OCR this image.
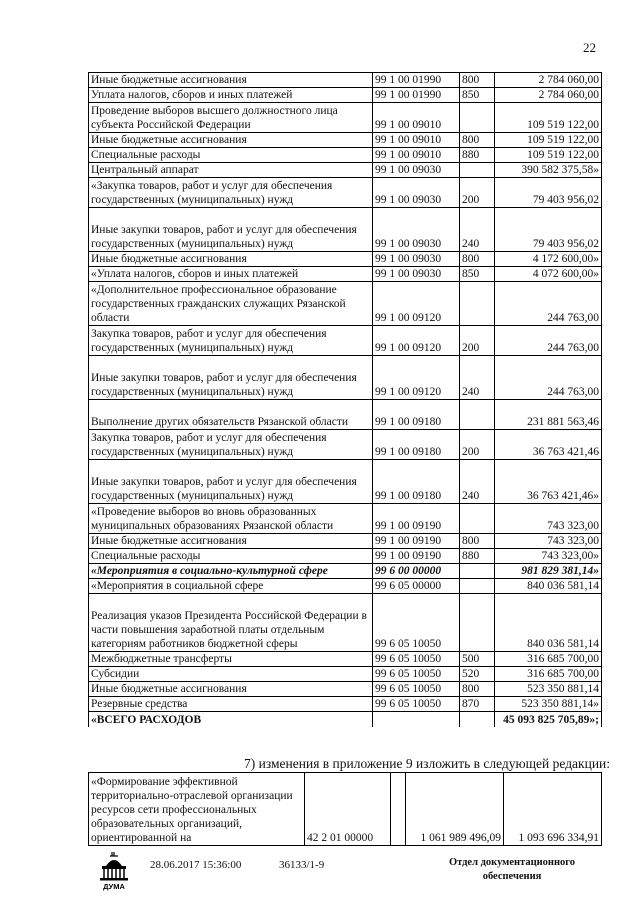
22
Иные бюджетные ассигнования	99 1 00 01990	800	2 784 060,00
Уплата налогов, сборов и иных платежей	99 1 00 01990	850	2 784 060,00
Проведение выборов высшего должностного лица субъекта Российской Федерации	99 1 00 09010		109 519 122,00
Иные бюджетные ассигнования	99 1 00 09010	800	109 519 122,00
Специальные расходы	99 1 00 09010	880	109 519 122,00
Центральный аппарат	99 1 00 09030		390 582 375,58»
«Закупка товаров, работ и услуг для обеспечения государственных (муниципальных) нужд	99 1 00 09030	200	79 403 956,02
Иные закупки товаров, работ и услуг для обеспечения государственных (муниципальных) нужд	99 1 00 09030	240	79 403 956,02
Иные бюджетные ассигнования	99 1 00 09030	800	4 172 600,00»
«Уплата налогов, сборов и иных платежей	99 1 00 09030	850	4 072 600,00»
«Дополнительное профессиональное образование государственных гражданских служащих Рязанской области	99 1 00 09120		244 763,00
Закупка товаров, работ и услуг для обеспечения государственных (муниципальных) нужд	99 1 00 09120	200	244 763,00
Иные закупки товаров, работ и услуг для обеспечения государственных (муниципальных) нужд	99 1 00 09120	240	244 763,00
Выполнение других обязательств Рязанской области	99 1 00 09180		231 881 563,46
Закупка товаров, работ и услуг для обеспечения государственных (муниципальных) нужд	99 1 00 09180	200	36 763 421,46
Иные закупки товаров, работ и услуг для обеспечения государственных (муниципальных) нужд	99 1 00 09180	240	36 763 421,46»
«Проведение выборов во вновь образованных муниципальных образованиях Рязанской области	99 1 00 09190		743 323,00
Иные бюджетные ассигнования	99 1 00 09190	800	743 323,00
Специальные расходы	99 1 00 09190	880	743 323,00»
«Мероприятия в социально-культурной сфере	99 6 00 00000		981 829 381,14»
«Мероприятия в социальной сфере	99 6 05 00000		840 036 581,14
Реализация указов Президента Российской Федерации в части повышения заработной платы отдельным категориям работников бюджетной сферы	99 6 05 10050		840 036 581,14
Межбюджетные трансферты	99 6 05 10050	500	316 685 700,00
Субсидии	99 6 05 10050	520	316 685 700,00
Иные бюджетные ассигнования	99 6 05 10050	800	523 350 881,14
Резервные средства	99 6 05 10050	870	523 350 881,14»
«ВСЕГО РАСХОДОВ			45 093 825 705,89»;
7) изменения в приложение 9 изложить в следующей редакции:
«Формирование эффективной территориально-отраслевой организации ресурсов сети профессиональных образовательных организаций, ориентированной на	42 2 01 00000		1 061 989 496,09	1 093 696 334,91
ДУМА
28.06.2017 15:36:00	36133/1-9	Отдел документационного обеспечения
